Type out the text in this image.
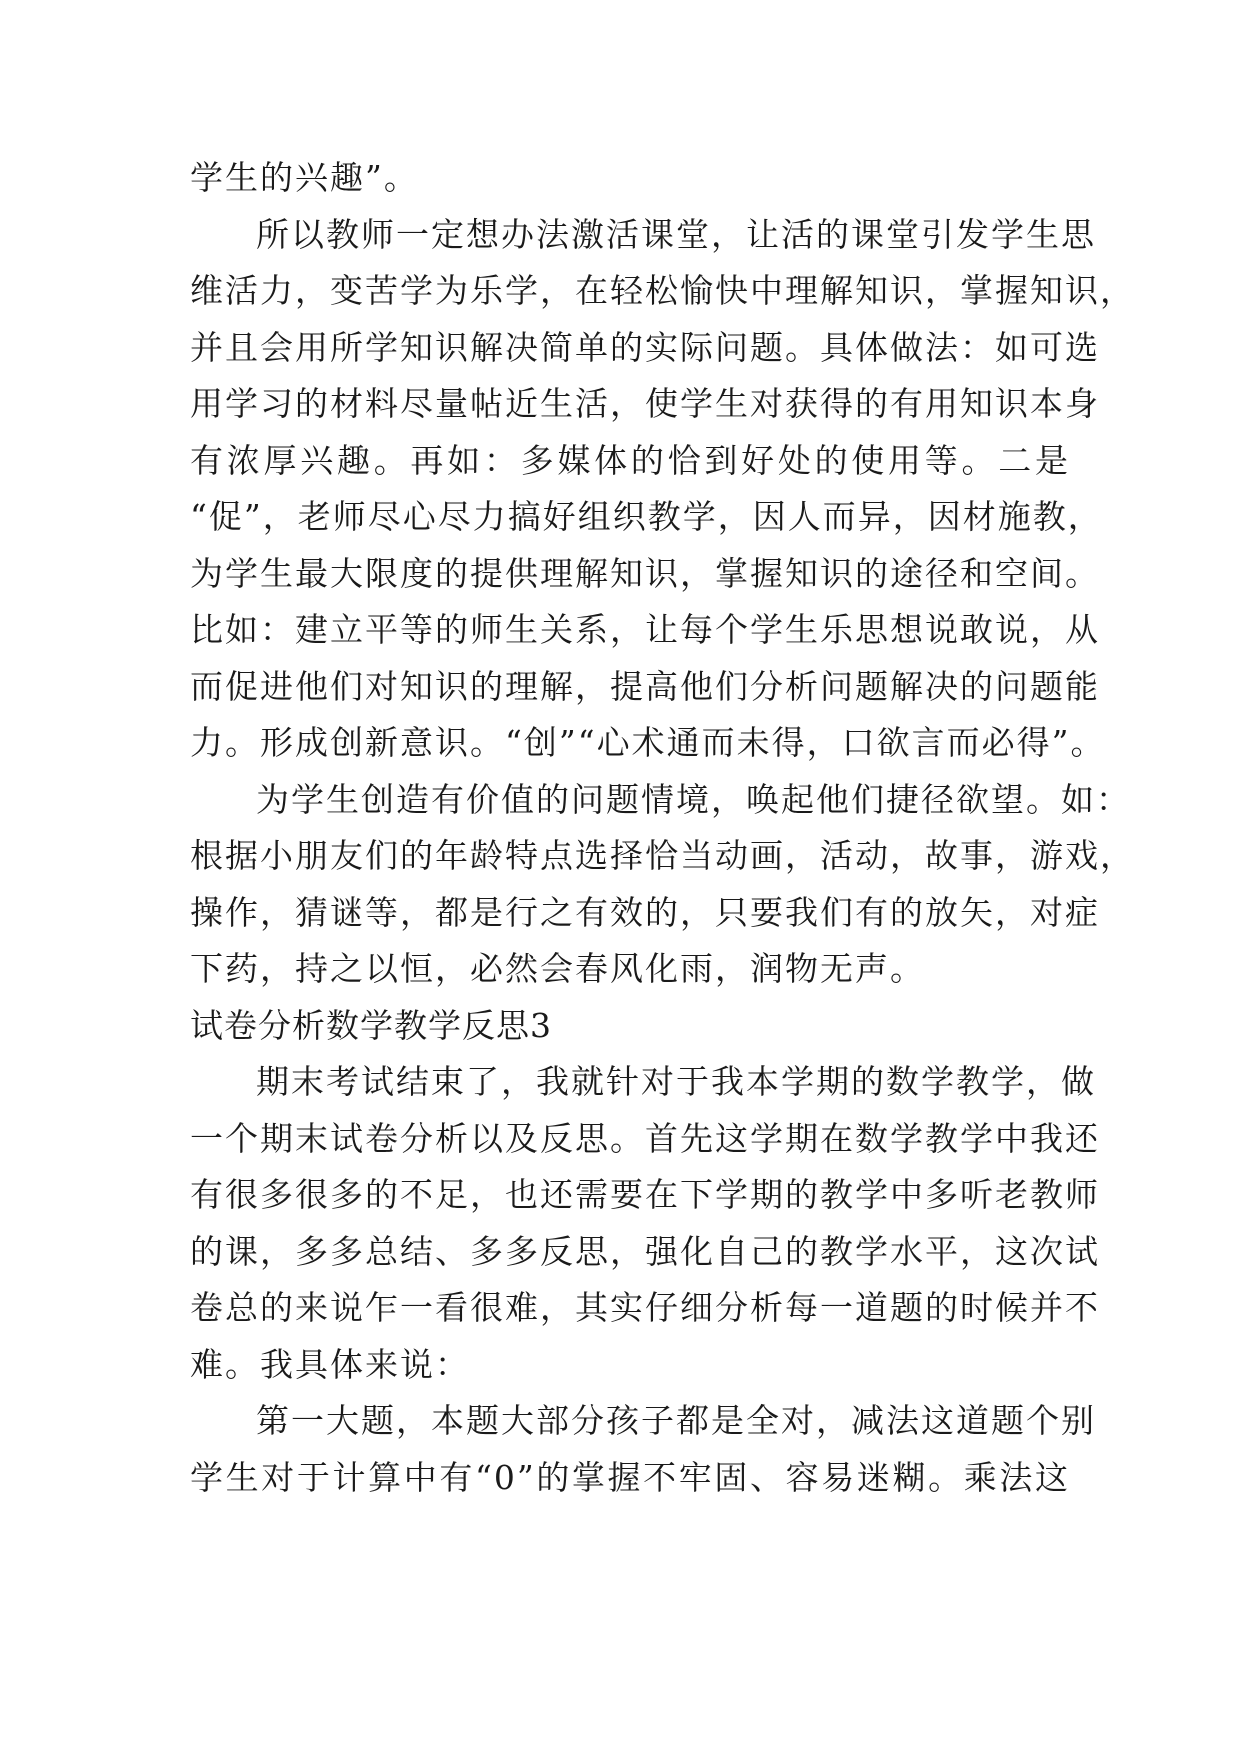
学生的兴趣”。
所以教师一定想办法激活课堂，让活的课堂引发学生思
维活力，变苦学为乐学，在轻松愉快中理解知识，掌握知识，
并且会用所学知识解决简单的实际问题。具体做法：如可选
用学习的材料尽量帖近生活，使学生对获得的有用知识本身
有浓厚兴趣。再如：多媒体的恰到好处的使用等。二是
“促”，老师尽心尽力搞好组织教学，因人而异，因材施教，
为学生最大限度的提供理解知识，掌握知识的途径和空间。
比如：建立平等的师生关系，让每个学生乐思想说敢说，从
而促进他们对知识的理解，提高他们分析问题解决的问题能
力。形成创新意识。“创”“心术通而未得，口欲言而必得”。
为学生创造有价值的问题情境，唤起他们捷径欲望。如：
根据小朋友们的年龄特点选择恰当动画，活动，故事，游戏，
操作，猜谜等，都是行之有效的，只要我们有的放矢，对症
下药，持之以恒，必然会春风化雨，润物无声。
试卷分析数学教学反思3
期末考试结束了，我就针对于我本学期的数学教学，做
一个期末试卷分析以及反思。首先这学期在数学教学中我还
有很多很多的不足，也还需要在下学期的教学中多听老教师
的课，多多总结、多多反思，强化自己的教学水平，这次试
卷总的来说乍一看很难，其实仔细分析每一道题的时候并不
难。我具体来说：
第一大题，本题大部分孩子都是全对，减法这道题个别
学生对于计算中有“0”的掌握不牢固、容易迷糊。乘法这
